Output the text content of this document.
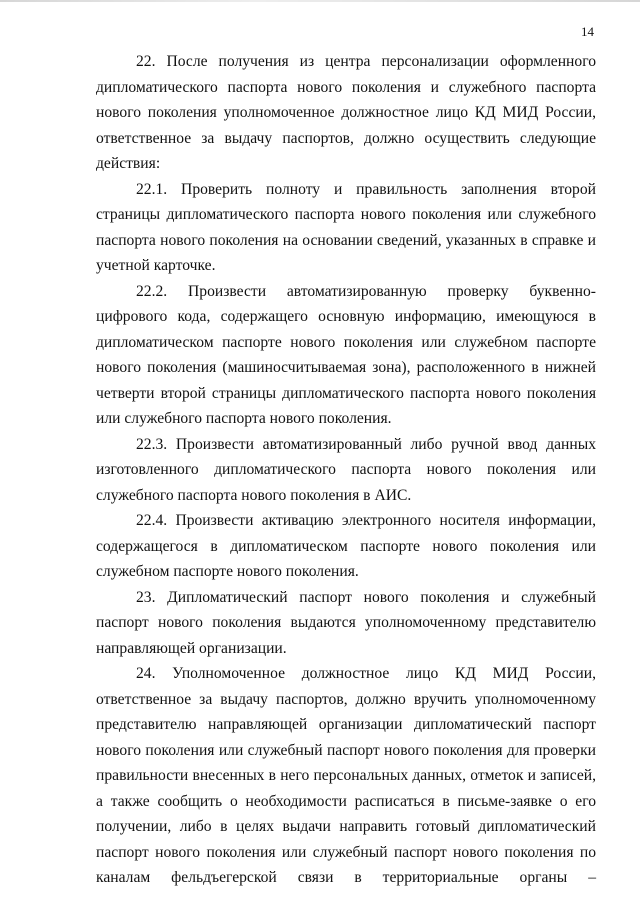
14

22. После получения из центра персонализации оформленного дипломатического паспорта нового поколения и служебного паспорта нового поколения уполномоченное должностное лицо КД МИД России, ответственное за выдачу паспортов, должно осуществить следующие действия:

22.1. Проверить полноту и правильность заполнения второй страницы дипломатического паспорта нового поколения или служебного паспорта нового поколения на основании сведений, указанных в справке и учетной карточке.

22.2. Произвести автоматизированную проверку буквенно-цифрового кода, содержащего основную информацию, имеющуюся в дипломатическом паспорте нового поколения или служебном паспорте нового поколения (машиносчитываемая зона), расположенного в нижней четверти второй страницы дипломатического паспорта нового поколения или служебного паспорта нового поколения.

22.3. Произвести автоматизированный либо ручной ввод данных изготовленного дипломатического паспорта нового поколения или служебного паспорта нового поколения в АИС.

22.4. Произвести активацию электронного носителя информации, содержащегося в дипломатическом паспорте нового поколения или служебном паспорте нового поколения.

23. Дипломатический паспорт нового поколения и служебный паспорт нового поколения выдаются уполномоченному представителю направляющей организации.

24. Уполномоченное должностное лицо КД МИД России, ответственное за выдачу паспортов, должно вручить уполномоченному представителю направляющей организации дипломатический паспорт нового поколения или служебный паспорт нового поколения для проверки правильности внесенных в него персональных данных, отметок и записей, а также сообщить о необходимости расписаться в письме-заявке о его получении, либо в целях выдачи направить готовый дипломатический паспорт нового поколения или служебный паспорт нового поколения по каналам фельдъегерской связи в территориальные органы –
